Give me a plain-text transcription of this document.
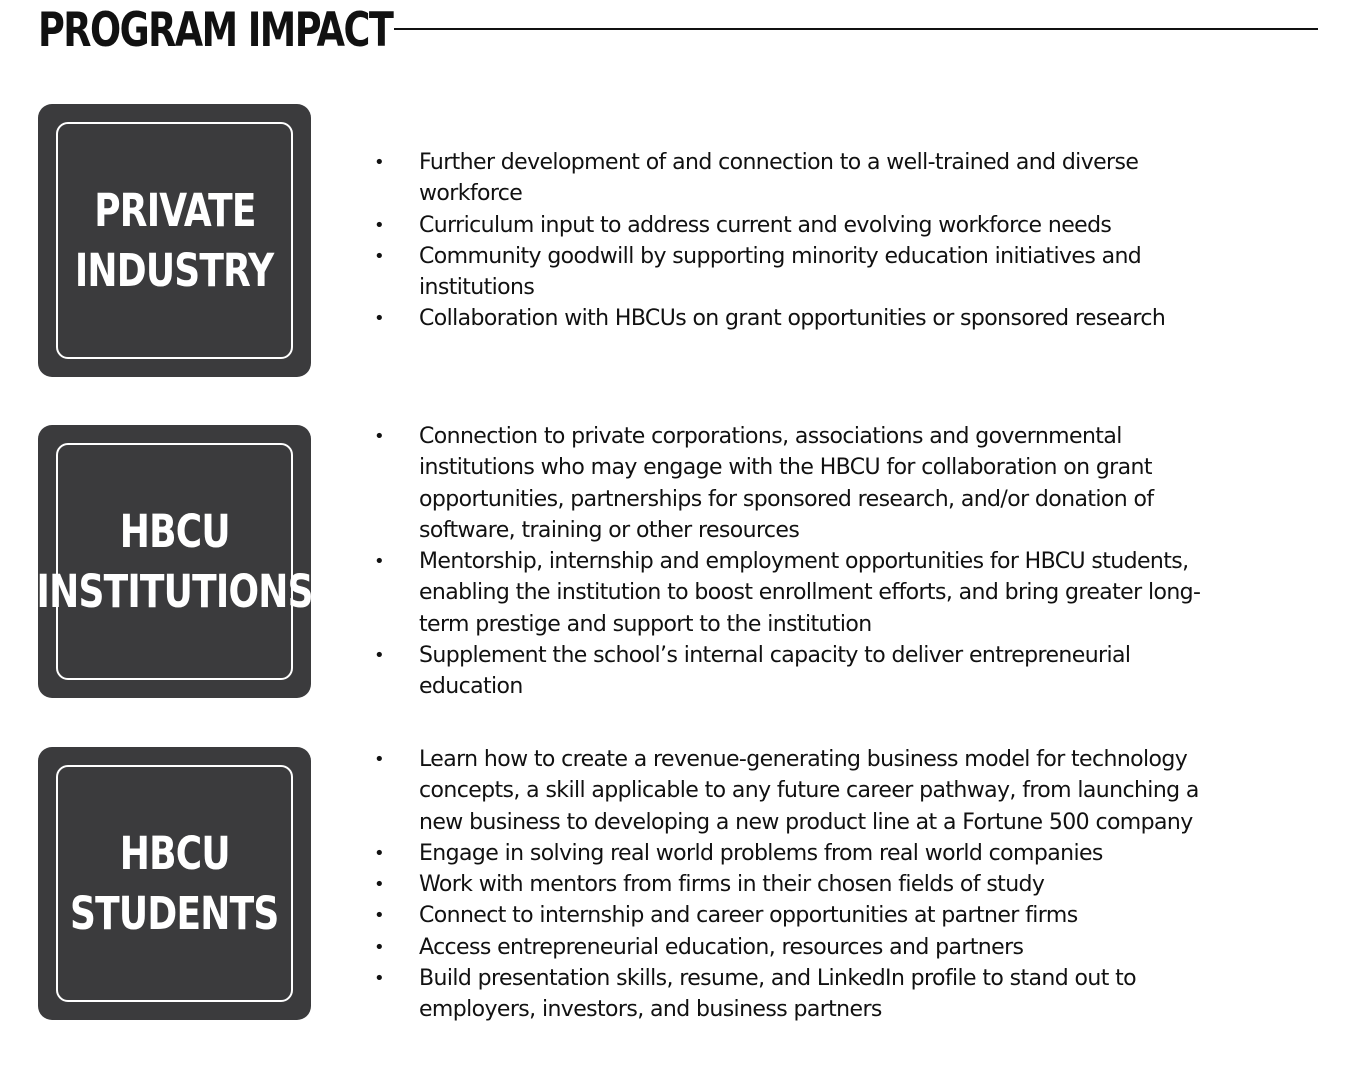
PROGRAM IMPACT
PRIVATE
INDUSTRY
• Further development of and connection to a well-trained and diverse workforce
• Curriculum input to address current and evolving workforce needs
• Community goodwill by supporting minority education initiatives and institutions
• Collaboration with HBCUs on grant opportunities or sponsored research
HBCU
INSTITUTIONS
• Connection to private corporations, associations and governmental institutions who may engage with the HBCU for collaboration on grant opportunities, partnerships for sponsored research, and/or donation of software, training or other resources
• Mentorship, internship and employment opportunities for HBCU students, enabling the institution to boost enrollment efforts, and bring greater long-term prestige and support to the institution
• Supplement the school’s internal capacity to deliver entrepreneurial education
HBCU
STUDENTS
• Learn how to create a revenue-generating business model for technology concepts, a skill applicable to any future career pathway, from launching a new business to developing a new product line at a Fortune 500 company
• Engage in solving real world problems from real world companies
• Work with mentors from firms in their chosen fields of study
• Connect to internship and career opportunities at partner firms
• Access entrepreneurial education, resources and partners
• Build presentation skills, resume, and LinkedIn profile to stand out to employers, investors, and business partners
